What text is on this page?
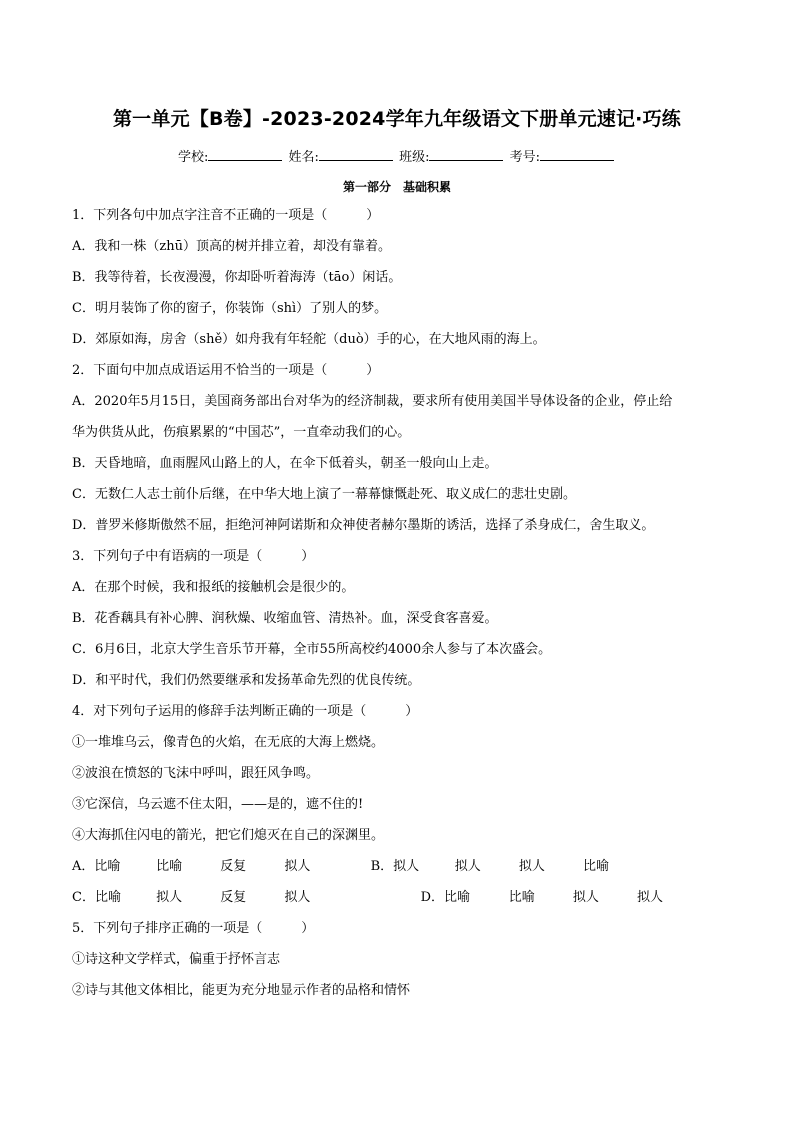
第一单元【B卷】-2023-2024学年九年级语文下册单元速记·巧练
学校:	姓名:	班级:	考号:
第一部分　基础积累
1．下列各句中加点字注音不正确的一项是（　　　）
A．我和一株（zhū）顶高的树并排立着，却没有靠着。
B．我等待着，长夜漫漫，你却卧听着海涛（tāo）闲话。
C．明月装饰了你的窗子，你装饰（shì）了别人的梦。
D．郊原如海，房舍（shě）如舟我有年轻舵（duò）手的心，在大地风雨的海上。
2．下面句中加点成语运用不恰当的一项是（　　　）
A．2020年5月15日，美国商务部出台对华为的经济制裁，要求所有使用美国半导体设备的企业，停止给
华为供货从此，伤痕累累的“中国芯”，一直牵动我们的心。
B．天昏地暗，血雨腥风山路上的人，在伞下低着头，朝圣一般向山上走。
C．无数仁人志士前仆后继，在中华大地上演了一幕幕慷慨赴死、取义成仁的悲壮史剧。
D．普罗米修斯傲然不屈，拒绝河神阿诺斯和众神使者赫尔墨斯的诱活，选择了杀身成仁，舍生取义。
3．下列句子中有语病的一项是（　　　）
A．在那个时候，我和报纸的接触机会是很少的。
B．花香藕具有补心脾、润秋燥、收缩血管、清热补。血，深受食客喜爱。
C．6月6日，北京大学生音乐节开幕，全市55所高校约4000余人参与了本次盛会。
D．和平时代，我们仍然要继承和发扬革命先烈的优良传统。
4．对下列句子运用的修辞手法判断正确的一项是（　　　）
①一堆堆乌云，像青色的火焰，在无底的大海上燃烧。
②波浪在愤怒的飞沫中呼叫，跟狂风争鸣。
③它深信，乌云遮不住太阳，——是的，遮不住的!
④大海抓住闪电的箭光，把它们熄灭在自己的深渊里。
A．比喻	比喻	反复	拟人	B．拟人	拟人	拟人	比喻
C．比喻	拟人	反复	拟人	D．比喻	比喻	拟人	拟人
5．下列句子排序正确的一项是（　　　）
①诗这种文学样式，偏重于抒怀言志
②诗与其他文体相比，能更为充分地显示作者的品格和情怀
